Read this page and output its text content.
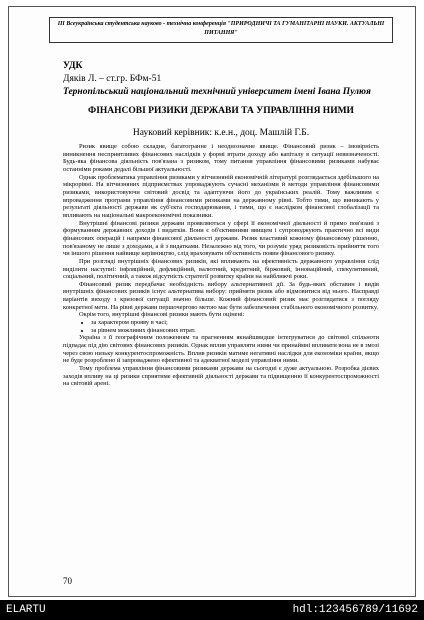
III Всеукраїнська студентська науково - технічна конференція "ПРИРОДНИЧІ ТА ГУМАНІТАРНІ НАУКИ. АКТУАЛЬНІ ПИТАННЯ"
УДК
Дяків Л. – ст.гр. БФм-51
Тернопільський національний технічний університет імені Івана Пулюя
ФІНАНСОВІ РИЗИКИ ДЕРЖАВИ ТА УПРАВЛІННЯ НИМИ
Науковий керівник: к.е.н., доц. Машлій Г.Б.

Ризик явище собою складне, багатогранне і неоднозначне явище. Фінансовий ризик – імовірність виникнення несприятливих фінансових наслідків у формі втрати доходу або капіталу в ситуації невизначеності. Будь-яка фінансова діяльність пов'язана з ризиком, тому питання управління фінансовими ризиками набуває останніми роками дедалі більшої актуальності.

Однак проблематика управління ризиками у вітчизняній економічній літературі розглядається здебільшого на мікрорівні. На вітчизняних підприємствах упроваджують сучасні механізми й методи управління фінансовими ризиками, використовуючи світовий досвід та адаптуючи його до українських реалій. Тому важливим є впровадження програми управління фінансовими ризиками на державному рівні. Тобто тими, що виникають у результаті діяльності держави як суб'єкта господарювання, і тими, що є наслідком фінансової глобалізації та впливають на національні макроекономічні показники.

Внутрішні фінансові ризики держави проявляються у сфері її економічної діяльності й прямо пов'язані з формуванням державних доходів і видатків. Вони є об'єктивними явищем і супроводжують практично всі види фінансових операцій і напрями фінансової діяльності держави. Ризик властивий кожному фінансовому рішенню, пов'язаному не лише з доходами, а й з видатками. Незалежно від того, чи розуміє уряд ризиковість прийняття того чи іншого рішення найвище керівництво, слід враховувати об'єктивність появи фінансового ризику.

При розгляді внутрішніх фінансових ризиків, які впливають на ефективність державного управління слід виділити наступні: інфляційний, дефляційний, валютний, кредитний, біржовий, інноваційний, спекулятивний, соціальний, політичний, а також відсутність стратегії розвитку країни на найближчі роки.

Фінансовий ризик передбачає необхідність вибору альтернативної дії. За будь-яких обставин і видів внутрішніх фінансових ризиків існує альтернатива вибору: прийняти ризик або відмовитися від нього. Насправді варіантів виходу з кризової ситуації значно більше. Кожний фінансовий ризик має розглядатися з погляду конкретної мети. На рівні держави першочергово метою має бути забезпечення стабільного економічного розвитку.

Окрім того, внутрішні фінансові ризики мають бути оцінені:

• за характером прояву в часі;
• за рівнем можливих фінансових втрат.

Україна з її географічним положенням та прагненням якнайшвидше інтегруватися до світової спільноти підпадає під дію світових фінансових ризиків. Однак вплив управляти ними чи принаймні впливати вона не в змозі через свою низьку конкурентоспроможність. Вплив ризиків матиме негативні наслідки для економіки країни, якщо не буде розроблено й запроваджено ефективної та адекватної моделі управління ними.

Тому проблема управління фінансовими ризиками держави на сьогодні є дуже актуальною. Розробка дієвих заходів впливу на ці ризики сприятиме ефективній діяльності держави та підвищенню її конкурентоспроможності на світовій арені.

70
ELARTU	hdl:123456789/11692
